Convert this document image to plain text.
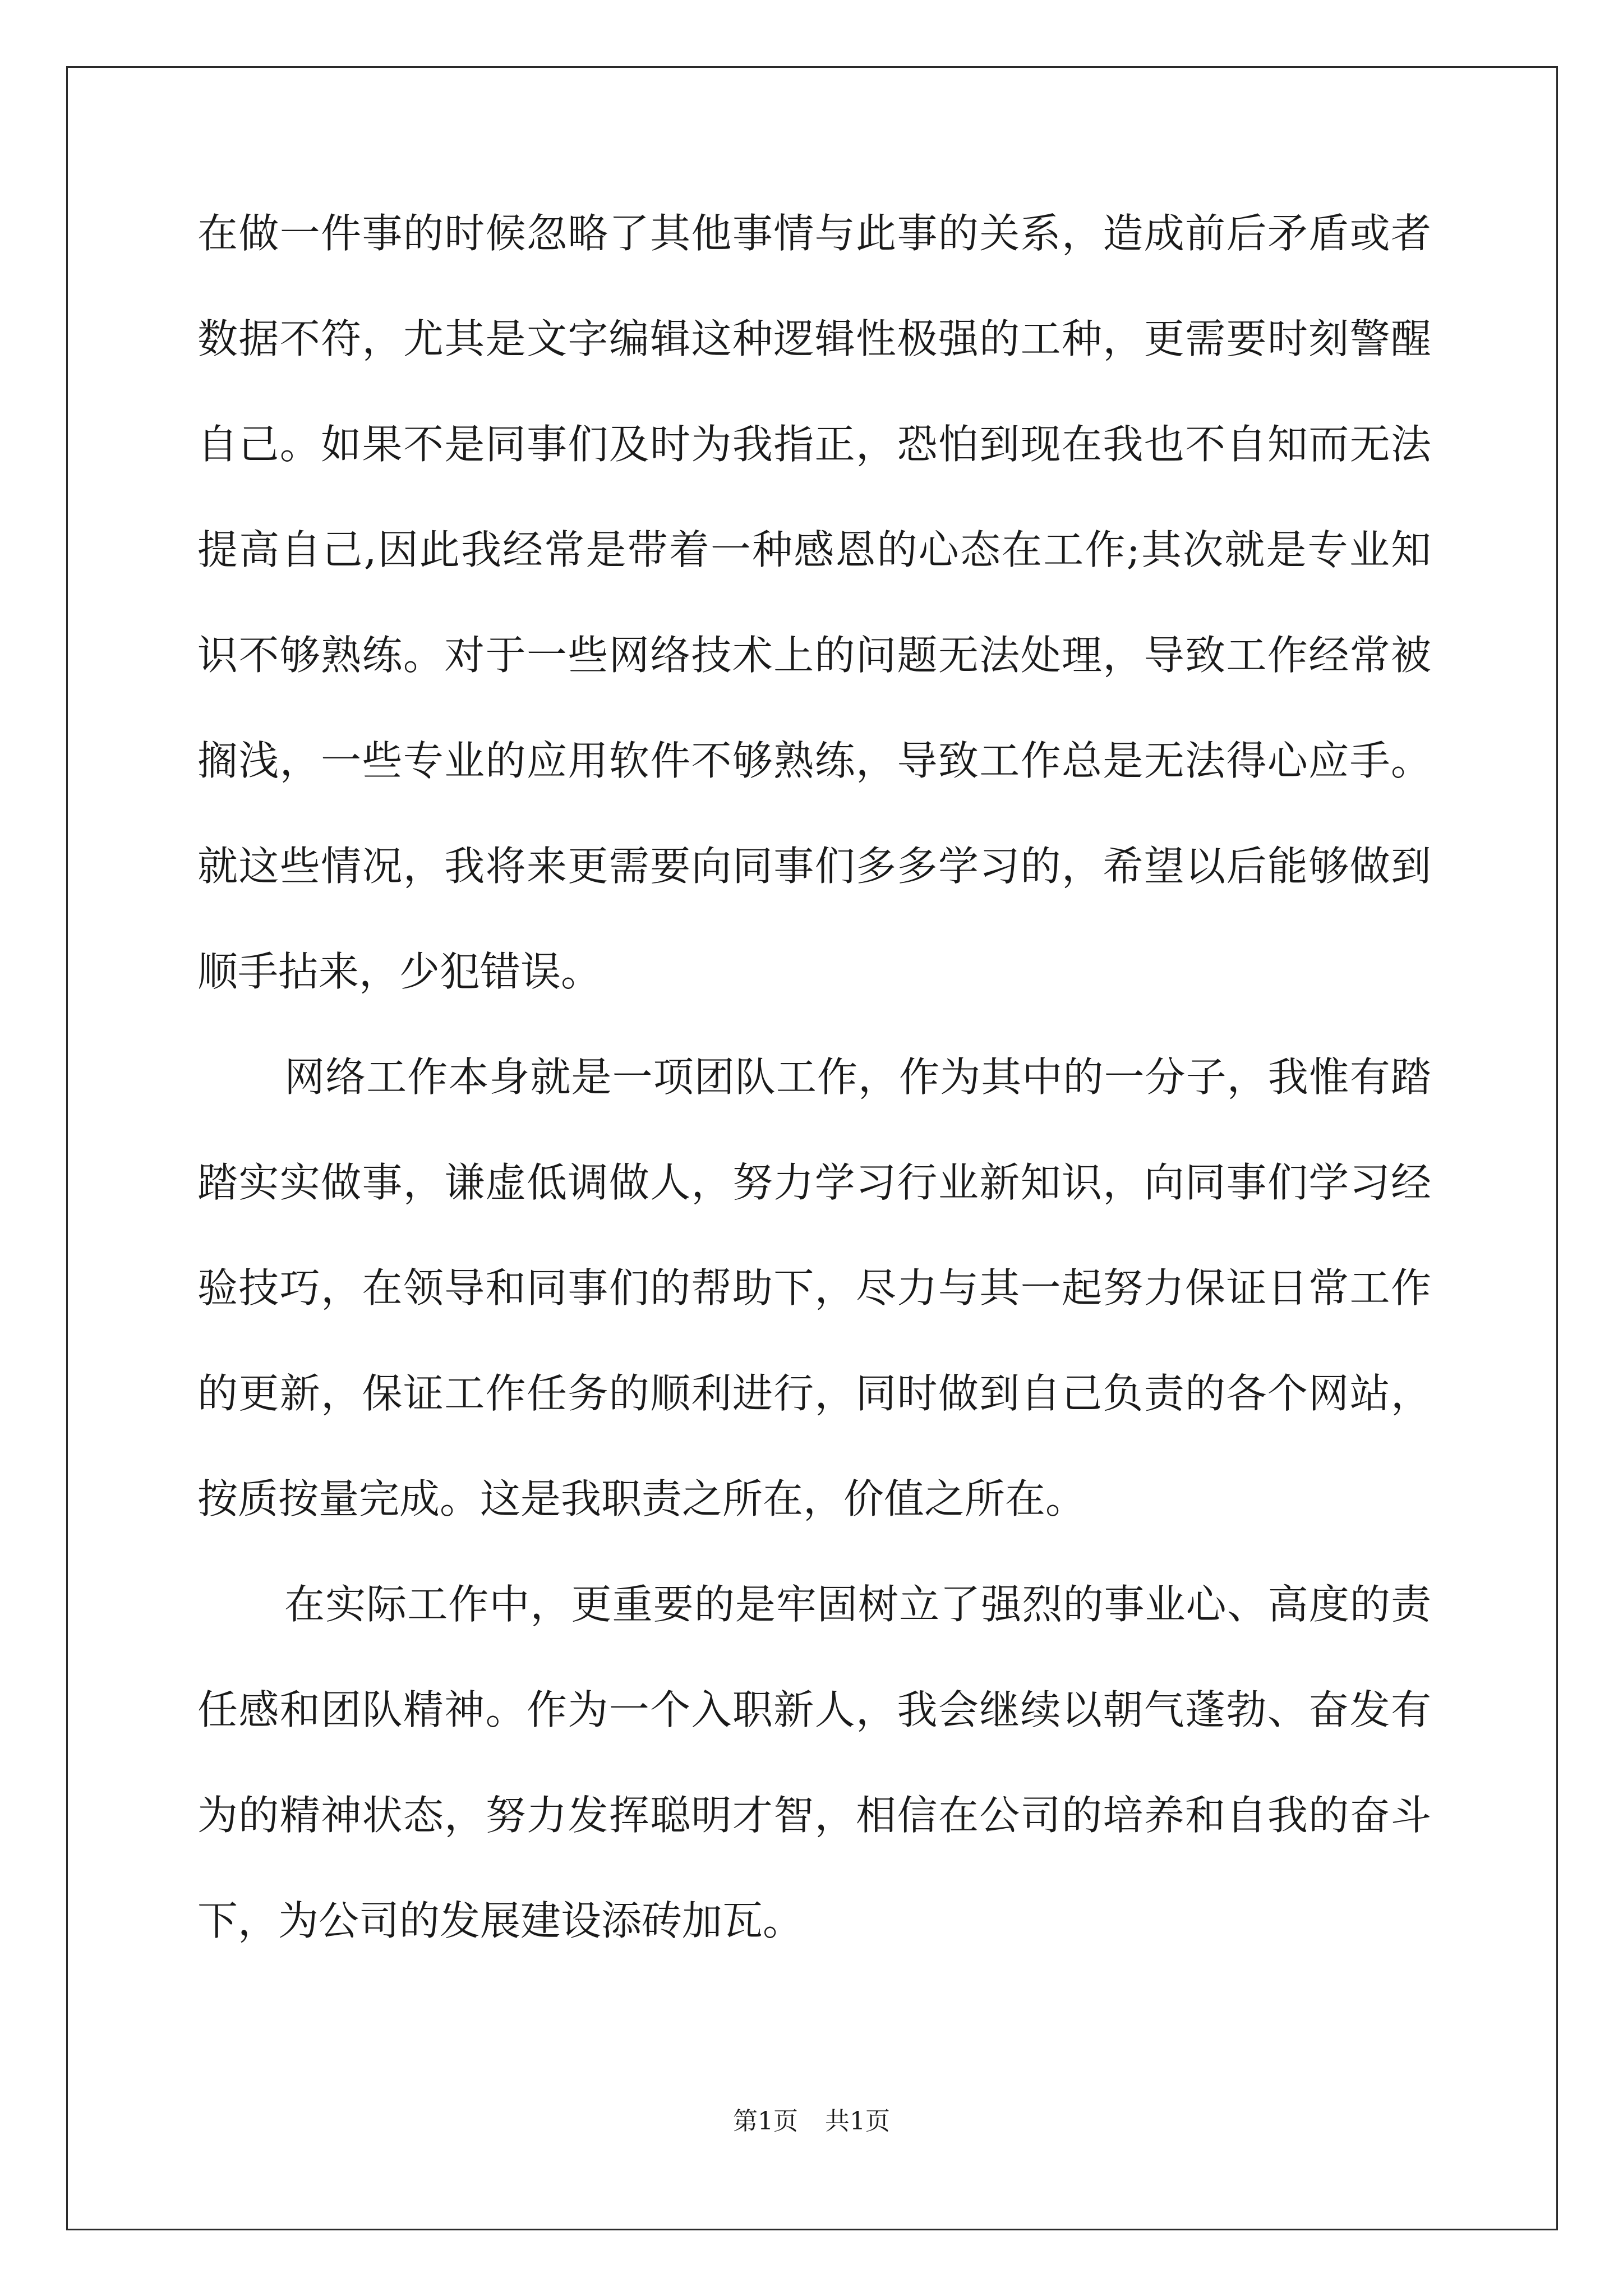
在做一件事的时候忽略了其他事情与此事的关系，造成前后矛盾或者
数据不符，尤其是文字编辑这种逻辑性极强的工种，更需要时刻警醒
自己。如果不是同事们及时为我指正，恐怕到现在我也不自知而无法
提高自己,因此我经常是带着一种感恩的心态在工作;其次就是专业知
识不够熟练。对于一些网络技术上的问题无法处理，导致工作经常被
搁浅，一些专业的应用软件不够熟练，导致工作总是无法得心应手。
就这些情况，我将来更需要向同事们多多学习的，希望以后能够做到
顺手拈来，少犯错误。
网络工作本身就是一项团队工作，作为其中的一分子，我惟有踏
踏实实做事，谦虚低调做人，努力学习行业新知识，向同事们学习经
验技巧，在领导和同事们的帮助下，尽力与其一起努力保证日常工作
的更新，保证工作任务的顺利进行，同时做到自己负责的各个网站，
按质按量完成。这是我职责之所在，价值之所在。
在实际工作中，更重要的是牢固树立了强烈的事业心、高度的责
任感和团队精神。作为一个入职新人，我会继续以朝气蓬勃、奋发有
为的精神状态，努力发挥聪明才智，相信在公司的培养和自我的奋斗
下，为公司的发展建设添砖加瓦。
第1页 共1页
